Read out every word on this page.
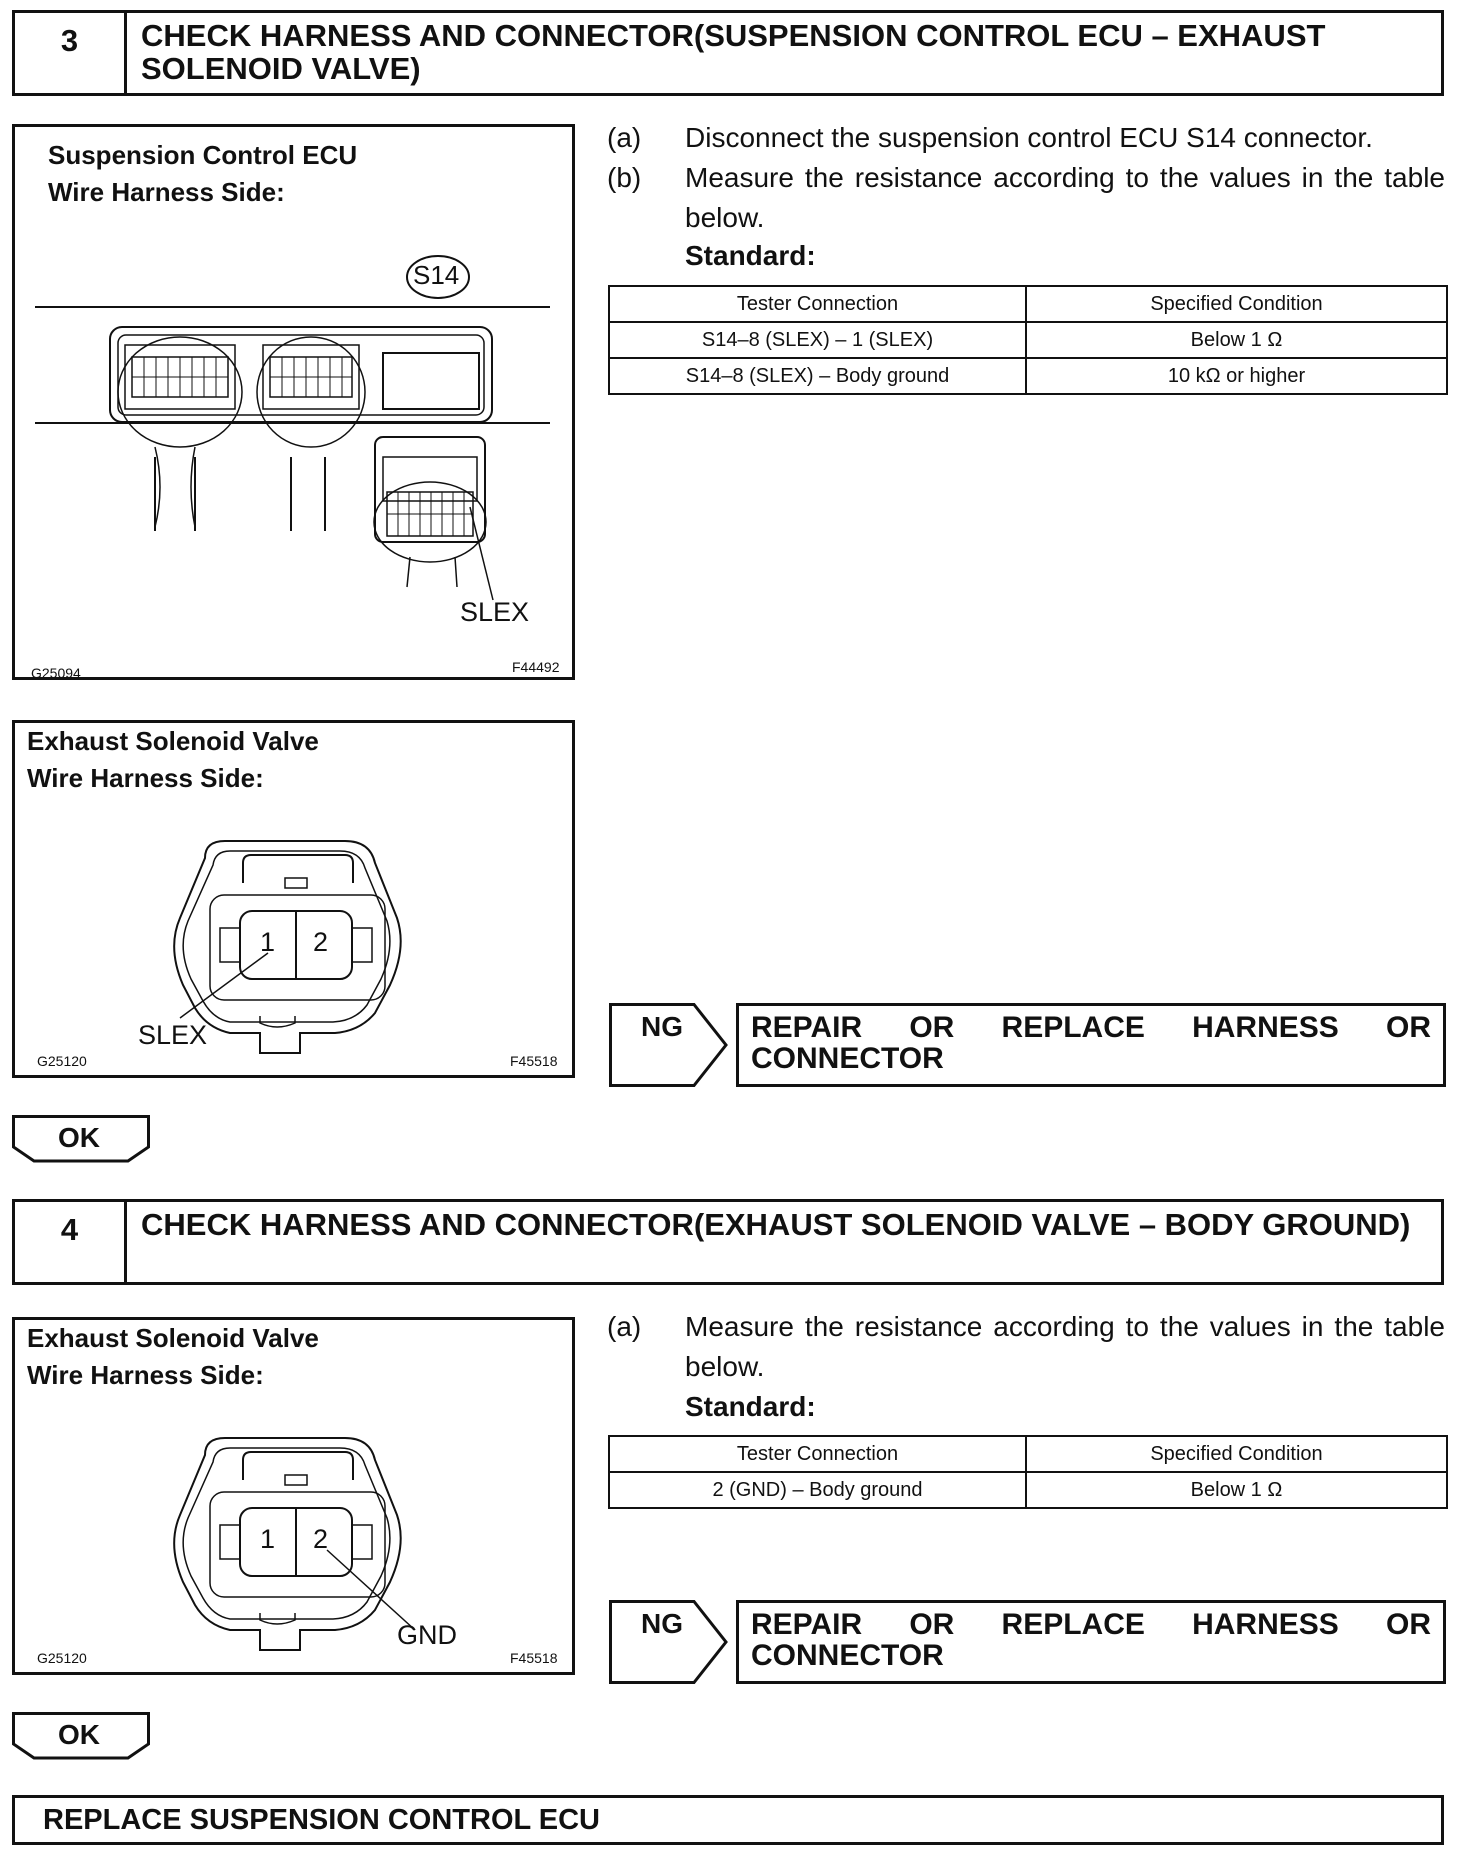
3	CHECK HARNESS AND CONNECTOR(SUSPENSION CONTROL ECU – EXHAUST SOLENOID VALVE)
Suspension Control ECU
Wire Harness Side:
SLEX
G25094	F44492
S14
Exhaust Solenoid Valve
Wire Harness Side:
1 2
SLEX
G25120	F45518
(a) Disconnect the suspension control ECU S14 connector.
(b) Measure the resistance according to the values in the table below.
Standard:
Tester Connection	Specified Condition
S14–8 (SLEX) – 1 (SLEX)	Below 1 Ω
S14–8 (SLEX) – Body ground	10 kΩ or higher
NG REPAIR OR REPLACE HARNESS OR
CONNECTOR
OK
4	CHECK HARNESS AND CONNECTOR(EXHAUST SOLENOID VALVE – BODY GROUND)
Exhaust Solenoid Valve
Wire Harness Side:
1 2
GND
G25120	F45518
(a) Measure the resistance according to the values in the table below.
Standard:
Tester Connection	Specified Condition
2 (GND) – Body ground	Below 1 Ω
NG REPAIR OR REPLACE HARNESS OR
CONNECTOR
OK
REPLACE SUSPENSION CONTROL ECU
